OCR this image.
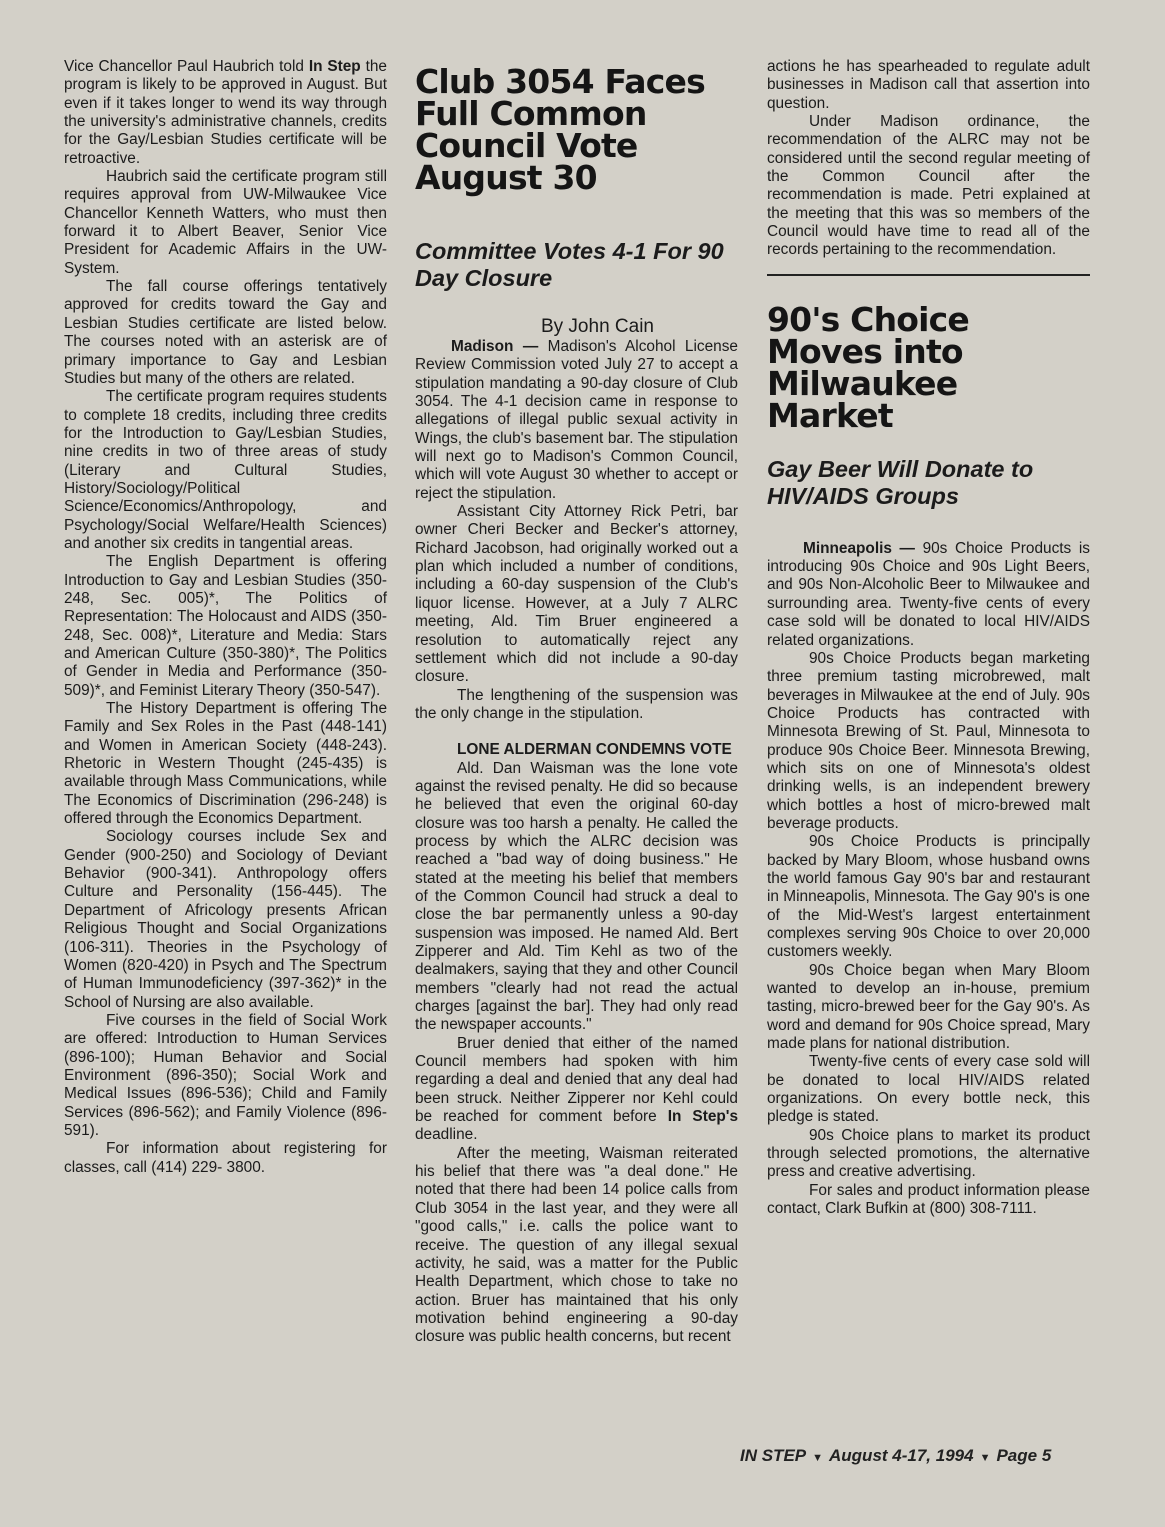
Vice Chancellor Paul Haubrich told In Step the program is likely to be approved in August. But even if it takes longer to wend its way through the university's administrative channels, credits for the Gay/Lesbian Studies certificate will be retroactive.

Haubrich said the certificate program still requires approval from UW-Milwaukee Vice Chancellor Kenneth Watters, who must then forward it to Albert Beaver, Senior Vice President for Academic Affairs in the UW-System.

The fall course offerings tentatively approved for credits toward the Gay and Lesbian Studies certificate are listed below. The courses noted with an asterisk are of primary importance to Gay and Lesbian Studies but many of the others are related.

The certificate program requires students to complete 18 credits, including three credits for the Introduction to Gay/Lesbian Studies, nine credits in two of three areas of study (Literary and Cultural Studies, History/Sociology/Political Science/Economics/Anthropology, and Psychology/Social Welfare/Health Sciences) and another six credits in tangential areas.

The English Department is offering Introduction to Gay and Lesbian Studies (350-248, Sec. 005)*, The Politics of Representation: The Holocaust and AIDS (350-248, Sec. 008)*, Literature and Media: Stars and American Culture (350-380)*, The Politics of Gender in Media and Performance (350-509)*, and Feminist Literary Theory (350-547).

The History Department is offering The Family and Sex Roles in the Past (448-141) and Women in American Society (448-243). Rhetoric in Western Thought (245-435) is available through Mass Communications, while The Economics of Discrimination (296-248) is offered through the Economics Department.

Sociology courses include Sex and Gender (900-250) and Sociology of Deviant Behavior (900-341). Anthropology offers Culture and Personality (156-445). The Department of Africology presents African Religious Thought and Social Organizations (106-311). Theories in the Psychology of Women (820-420) in Psych and The Spectrum of Human Immunodeficiency (397-362)* in the School of Nursing are also available.

Five courses in the field of Social Work are offered: Introduction to Human Services (896-100); Human Behavior and Social Environment (896-350); Social Work and Medical Issues (896-536); Child and Family Services (896-562); and Family Violence (896-591).

For information about registering for classes, call (414) 229- 3800.

Club 3054 Faces Full Common Council Vote August 30
Committee Votes 4-1 For 90 Day Closure

By John Cain

Madison — Madison's Alcohol License Review Commission voted July 27 to accept a stipulation mandating a 90-day closure of Club 3054. The 4-1 decision came in response to allegations of illegal public sexual activity in Wings, the club's basement bar. The stipulation will next go to Madison's Common Council, which will vote August 30 whether to accept or reject the stipulation.

Assistant City Attorney Rick Petri, bar owner Cheri Becker and Becker's attorney, Richard Jacobson, had originally worked out a plan which included a number of conditions, including a 60-day suspension of the Club's liquor license. However, at a July 7 ALRC meeting, Ald. Tim Bruer engineered a resolution to automatically reject any settlement which did not include a 90-day closure.

The lengthening of the suspension was the only change in the stipulation.

LONE ALDERMAN CONDEMNS VOTE

Ald. Dan Waisman was the lone vote against the revised penalty. He did so because he believed that even the original 60-day closure was too harsh a penalty. He called the process by which the ALRC decision was reached a "bad way of doing business." He stated at the meeting his belief that members of the Common Council had struck a deal to close the bar permanently unless a 90-day suspension was imposed. He named Ald. Bert Zipperer and Ald. Tim Kehl as two of the dealmakers, saying that they and other Council members "clearly had not read the actual charges [against the bar]. They had only read the newspaper accounts."

Bruer denied that either of the named Council members had spoken with him regarding a deal and denied that any deal had been struck. Neither Zipperer nor Kehl could be reached for comment before In Step's deadline.

After the meeting, Waisman reiterated his belief that there was "a deal done." He noted that there had been 14 police calls from Club 3054 in the last year, and they were all "good calls," i.e. calls the police want to receive. The question of any illegal sexual activity, he said, was a matter for the Public Health Department, which chose to take no action. Bruer has maintained that his only motivation behind engineering a 90-day closure was public health concerns, but recent

actions he has spearheaded to regulate adult businesses in Madison call that assertion into question.

Under Madison ordinance, the recommendation of the ALRC may not be considered until the second regular meeting of the Common Council after the recommendation is made. Petri explained at the meeting that this was so members of the Council would have time to read all of the records pertaining to the recommendation.

90's Choice Moves into Milwaukee Market
Gay Beer Will Donate to HIV/AIDS Groups

Minneapolis — 90s Choice Products is introducing 90s Choice and 90s Light Beers, and 90s Non-Alcoholic Beer to Milwaukee and surrounding area. Twenty-five cents of every case sold will be donated to local HIV/AIDS related organizations.

90s Choice Products began marketing three premium tasting microbrewed, malt beverages in Milwaukee at the end of July. 90s Choice Products has contracted with Minnesota Brewing of St. Paul, Minnesota to produce 90s Choice Beer. Minnesota Brewing, which sits on one of Minnesota's oldest drinking wells, is an independent brewery which bottles a host of micro-brewed malt beverage products.

90s Choice Products is principally backed by Mary Bloom, whose husband owns the world famous Gay 90's bar and restaurant in Minneapolis, Minnesota. The Gay 90's is one of the Mid-West's largest entertainment complexes serving 90s Choice to over 20,000 customers weekly.

90s Choice began when Mary Bloom wanted to develop an in-house, premium tasting, micro-brewed beer for the Gay 90's. As word and demand for 90s Choice spread, Mary made plans for national distribution.

Twenty-five cents of every case sold will be donated to local HIV/AIDS related organizations. On every bottle neck, this pledge is stated.

90s Choice plans to market its product through selected promotions, the alternative press and creative advertising.

For sales and product information please contact, Clark Bufkin at (800) 308-7111.

IN STEP ▼ August 4-17, 1994 ▼ Page 5
